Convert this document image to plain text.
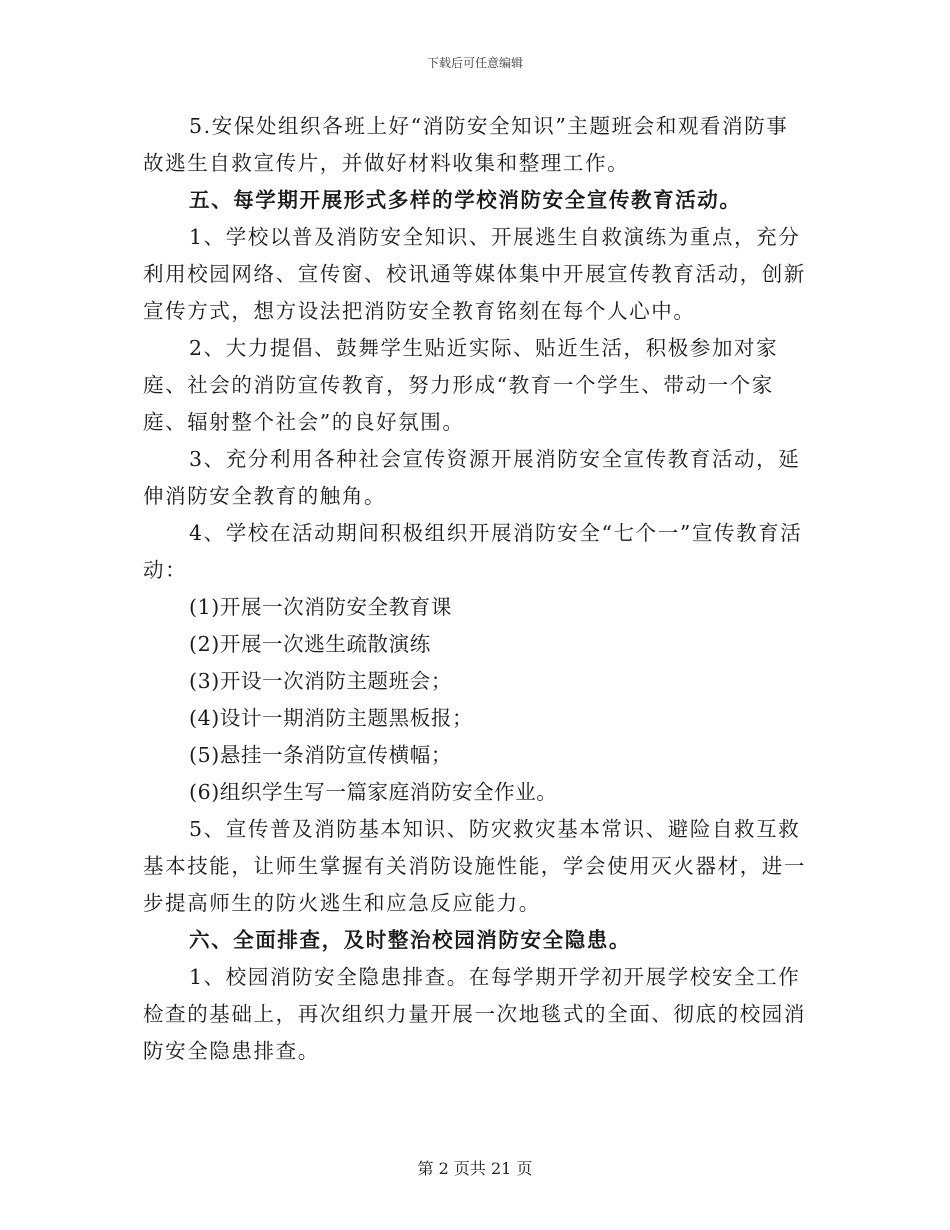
下载后可任意编辑

5.安保处组织各班上好“消防安全知识”主题班会和观看消防事故逃生自救宣传片，并做好材料收集和整理工作。

五、每学期开展形式多样的学校消防安全宣传教育活动。

1、学校以普及消防安全知识、开展逃生自救演练为重点，充分利用校园网络、宣传窗、校讯通等媒体集中开展宣传教育活动，创新宣传方式，想方设法把消防安全教育铭刻在每个人心中。

2、大力提倡、鼓舞学生贴近实际、贴近生活，积极参加对家庭、社会的消防宣传教育，努力形成“教育一个学生、带动一个家庭、辐射整个社会”的良好氛围。

3、充分利用各种社会宣传资源开展消防安全宣传教育活动，延伸消防安全教育的触角。

4、学校在活动期间积极组织开展消防安全“七个一”宣传教育活动：

(1)开展一次消防安全教育课

(2)开展一次逃生疏散演练

(3)开设一次消防主题班会；

(4)设计一期消防主题黑板报；

(5)悬挂一条消防宣传横幅；

(6)组织学生写一篇家庭消防安全作业。

5、宣传普及消防基本知识、防灾救灾基本常识、避险自救互救基本技能，让师生掌握有关消防设施性能，学会使用灭火器材，进一步提高师生的防火逃生和应急反应能力。

六、全面排查，及时整治校园消防安全隐患。

1、校园消防安全隐患排查。在每学期开学初开展学校安全工作检查的基础上，再次组织力量开展一次地毯式的全面、彻底的校园消防安全隐患排查。

第 2 页共 21 页
